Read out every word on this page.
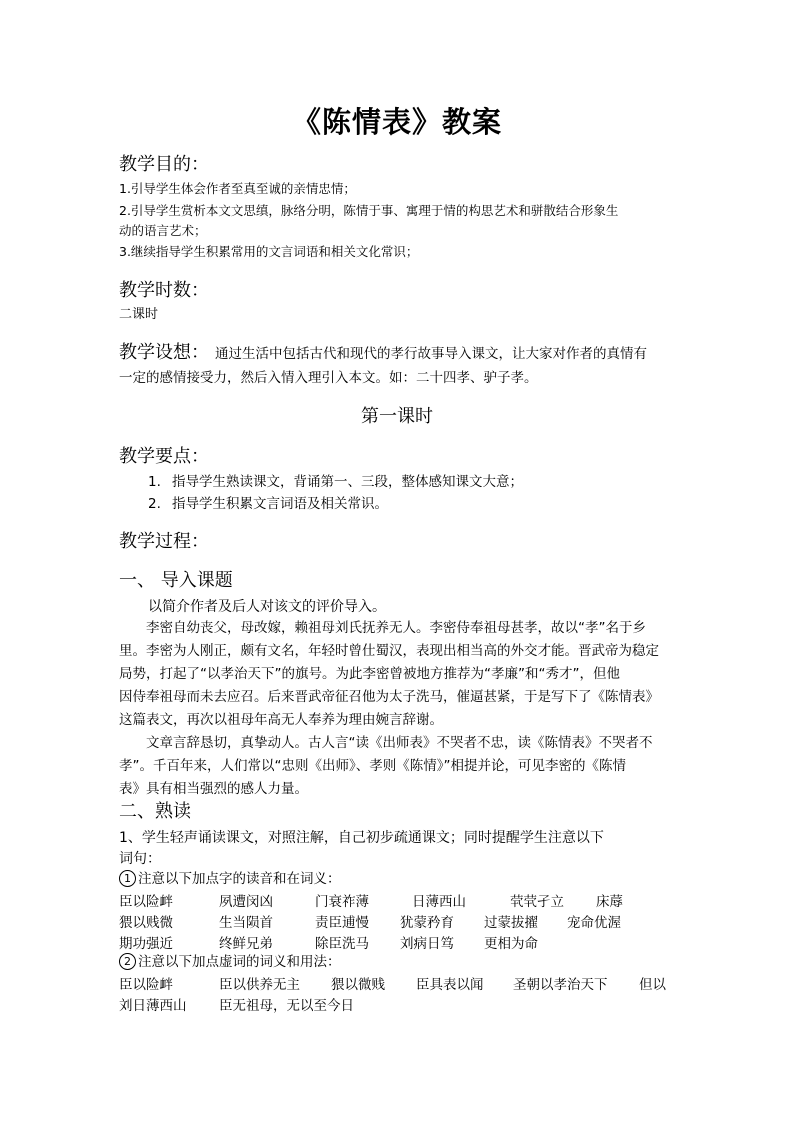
《陈情表》教案
教学目的：
1.引导学生体会作者至真至诚的亲情忠情；
2.引导学生赏析本文文思缜，脉络分明，陈情于事、寓理于情的构思艺术和骈散结合形象生
动的语言艺术；
3.继续指导学生积累常用的文言词语和相关文化常识；
教学时数：
二课时
教学设想： 通过生活中包括古代和现代的孝行故事导入课文，让大家对作者的真情有
一定的感情接受力，然后入情入理引入本文。如：二十四孝、驴子孝。
第一课时
教学要点：
1. 指导学生熟读课文，背诵第一、三段，整体感知课文大意；
2. 指导学生积累文言词语及相关常识。
教学过程：
一、 导入课题
以简介作者及后人对该文的评价导入。
　　李密自幼丧父，母改嫁，赖祖母刘氏抚养无人。李密侍奉祖母甚孝，故以“孝”名于乡
里。李密为人刚正，颇有文名，年轻时曾仕蜀汉，表现出相当高的外交才能。晋武帝为稳定
局势，打起了“以孝治天下”的旗号。为此李密曾被地方推荐为“孝廉”和“秀才”，但他
因侍奉祖母而未去应召。后来晋武帝征召他为太子洗马，催逼甚紧，于是写下了《陈情表》
这篇表文，再次以祖母年高无人奉养为理由婉言辞谢。
　　文章言辞恳切，真挚动人。古人言“读《出师表》不哭者不忠，读《陈情表》不哭者不
孝”。千百年来，人们常以“忠则《出师》、孝则《陈情》”相提并论，可见李密的《陈情
表》具有相当强烈的感人力量。
二、熟读
1、学生轻声诵读课文，对照注解，自己初步疏通课文；同时提醒学生注意以下
词句：
1 注意以下加点字的读音和在词义：
臣以险衅	夙遭闵凶	门衰祚薄	日薄西山	茕茕孑立 床蓐
猥以贱微	生当陨首	责臣逋慢 犹蒙矜育 过蒙拔擢 宠命优渥
期功强近	终鲜兄弟	除臣洗马 刘病日笃 更相为命
2 注意以下加点虚词的词义和用法：
臣以险衅	臣以供养无主 猥以微贱 臣具表以闻 圣朝以孝治天下 但以
刘日薄西山 臣无祖母，无以至今日
